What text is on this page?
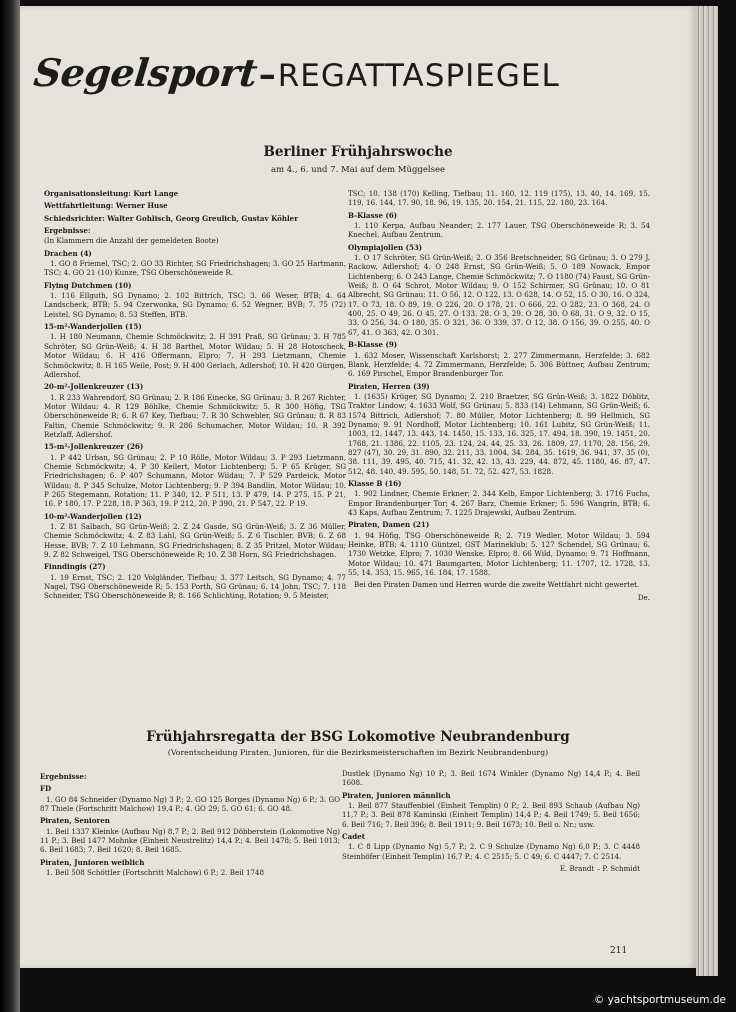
Segelsport–REGATTASPIEGEL
Berliner Frühjahrswoche
am 4., 6. und 7. Mai auf dem Müggelsee

Organisationsleitung: Kurt Lange

Wettfahrtleitung: Werner Huse

Schiedsrichter: Walter Gohlisch, Georg Greulich, Gustav Köhler

Ergebnisse:

(In Klammern die Anzahl der gemeldeten Boote)

Drachen (4)

1. GO 8 Friemel, TSC; 2. GO 33 Richter, SG Friedrichshagen; 3. GO 25 Hartmann, TSC; 4. GO 21 (10) Kunze, TSG Oberschöneweide R.

Flying Dutchmen (10)

1. 116 Ellguth, SG Dynamo; 2. 102 Bittrich, TSC; 3. 66 Weser, BTB; 4. 64 Landscheck, BTB; 5. 94 Czerwonka, SG Dynamo; 6. 52 Wegner, BVB; 7. 75 (72) Leistel, SG Dynamo; 8. 53 Steffen, BTB.

15-m²-Wanderjollen (15)

1. H 180 Neumann, Chemie Schmöckwitz; 2. H 391 Praß, SG Grünau; 3. H 785 Schröter, SG Grün-Weiß; 4. H 38 Barthel, Motor Wildau; 5. H 28 Hotoscheck, Motor Wildau; 6. H 416 Offermann, Elpro; 7. H 293 Lietzmann, Chemie Schmöckwitz; 8. H 165 Weile, Post; 9. H 400 Gerlach, Adlershof; 10. H 420 Gürgen, Adlershof.

20-m²-Jollenkreuzer (13)

1. R 233 Wahrendorf, SG Grünau; 2. R 186 Einecke, SG Grünau; 3. R 267 Richter, Motor Wildau; 4. R 129 Böhlke, Chemie Schmöckwitz; 5. R 300 Höfig, TSG Oberschöneweide R; 6. R 67 Key, Tiefbau; 7. R 30 Schwebler, SG Grünau; 8. R 83 Faltin, Chemie Schmöckwitz; 9. R 286 Schumacher, Motor Wildau; 10. R 392 Retzlaff, Adlershof.

15-m²-Jollenkreuzer (26)

1. P 442 Urban, SG Grünau; 2. P 10 Rölle, Motor Wildau; 3. P 293 Lietzmann, Chemie Schmöckwitz; 4. P 30 Keilert, Motor Lichtenberg; 5. P 65 Krüger, SG Friedrichshagen; 6. P 407 Schumann, Motor Wildau; 7. P 529 Pardeick, Motor Wildau; 8. P 345 Schulze, Motor Lichtenberg; 9. P 394 Bandlin, Motor Wildau; 10. P 265 Stegemann, Rotation; 11. P 340, 12. P 511, 13. P 479, 14. P 275, 15. P 21, 16. P 180, 17. P 228, 18. P 363, 19. P 212, 20. P 390, 21. P 547, 22. P 19.

10-m²-Wanderjollen (12)

1. Z 81 Salbach, SG Grün-Weiß; 2. Z 24 Gasde, SG Grün-Weiß; 3. Z 36 Müller, Chemie Schmöckwitz; 4. Z 83 Lahl, SG Grün-Weiß; 5. Z 6 Tischler, BVB; 6. Z 68 Hesse, BVB; 7. Z 10 Lehmann, SG Friedrichshagen; 8. Z 35 Pritzel, Motor Wildau; 9. Z 82 Schweigel, TSG Oberschöneweide R; 10. Z 38 Horn, SG Friedrichshagen.

Finndingis (27)

1. 19 Ernst, TSC; 2. 120 Volgländer, Tiefbau; 3. 377 Leitsch, SG Dynamo; 4. 77 Nagel, TSG Oberschöneweide R; 5. 153 Porth, SG Grünau; 6. 14 John, TSC; 7. 118 Schneider, TSG Oberschöneweide R; 8. 166 Schlichting, Rotation; 9. 5 Meister,

TSC; 10. 138 (170) Kelling, Tiefbau; 11. 160, 12. 119 (175), 13. 40, 14. 169, 15. 119, 16. 144, 17. 90, 18. 96, 19. 135, 20. 154, 21. 115, 22. 180, 23. 164.

B-Klasse (6)

1. 110 Kerpa, Aufbau Neander; 2. 177 Lauer, TSG Oberschöneweide R; 3. 54 Knechel, Aufbau Zentrum.

Olympiajollen (53)

1. O 17 Schröter, SG Grün-Weiß; 2. O 356 Bretschneider, SG Grünau; 3. O 279 J. Rackow, Adlershof; 4. O 248 Ernst, SG Grün-Weiß; 5. O 189 Nowack, Empor Lichtenberg; 6. O 243 Lange, Chemie Schmöckwitz; 7. O 1180 (74) Faust, SG Grün-Weiß; 8. O 64 Schrot, Motor Wildau; 9. O 152 Schirmer, SG Grünau; 10. O 81 Albrecht, SG Grünau; 11. O 56, 12. O 122, 13. O 628, 14. O 52, 15. O 30, 16. O 324, 17. O 73, 18. O 89, 19. O 226, 20. O 178, 21. O 666, 22. O 282, 23. O 368, 24. O 400, 25. O 49, 26. O 45, 27. O 133, 28. O 3, 29. O 28, 30. O 68, 31. O 9, 32. O 15, 33. O 256, 34. O 180, 35. O 321, 36. O 339, 37. O 12, 38. O 156, 39. O 255, 40. O 67, 41. O 363, 42. O 301.

B-Klasse (9)

1. 632 Moser, Wissenschaft Karlshorst; 2. 277 Zimmermann, Herzfelde; 3. 682 Blank, Herzfelde; 4. 72 Zimmermann, Herzfelde; 5. 306 Büttner, Aufbau Zentrum; 6. 169 Pirschel, Empor Brandenburger Tor.

Piraten, Herren (39)

1. (1635) Krüger, SG Dynamo; 2. 210 Braetzer, SG Grün-Weiß; 3. 1822 Döblitz, Traktor Lindow; 4. 1633 Wolf, SG Grünau; 5. 833 (14) Lehmann, SG Grün-Weiß; 6. 1574 Bittrich, Adlershof; 7. 80 Müller, Motor Lichtenberg; 8. 99 Hellmich, SG Dynamo; 9. 91 Nordhoff, Motor Lichtenberg; 10. 161 Lubitz, SG Grün-Weiß; 11. 1003, 12. 1447, 13. 443, 14. 1450, 15. 133, 16. 325, 17. 494, 18. 390, 19. 1451, 20. 1768, 21. 1386, 22. 1105, 23. 124, 24. 44, 25. 33, 26. 1809, 27. 1170, 28. 156, 29. 827 (47), 30. 29, 31. 890, 32. 211, 33. 1004, 34. 284, 35. 1619, 36. 941, 37. 35 (0), 38. 111, 39. 495, 40. 715, 41. 32, 42. 13, 43. 229, 44. 872, 45. 1180, 46. 87, 47. 512, 48. 140, 49. 595, 50. 148, 51. 72, 52. 427, 53. 1828.

Klasse B (16)

1. 902 Lindner, Chemie Erkner; 2. 344 Kelb, Empor Lichtenberg; 3. 1716 Fuchs, Empor Brandenburger Tor; 4. 267 Barz, Chemie Erkner; 5. 596 Wangrin, BTB; 6. 43 Kaps, Aufbau Zentrum; 7. 1225 Drajewski, Aufbau Zentrum.

Piraten, Damen (21)

1. 94 Höfig, TSG Oberschöneweide R; 2. 719 Wedler, Motor Wildau; 3. 594 Heinke, BTB; 4. 1110 Güntzel, GST Marineklub; 5. 127 Schendel, SG Grünau; 6. 1730 Wetzke, Elpro; 7. 1030 Wenske, Elpro; 8. 66 Wild, Dynamo; 9. 71 Hoffmann, Motor Wildau; 10. 471 Baumgarten, Motor Lichtenberg; 11. 1707, 12. 1728, 13. 55, 14. 353, 15. 965, 16. 184, 17. 1588.

Bei den Piraten Damen und Herren wurde die zweite Wettfahrt nicht gewertet.

De.

Frühjahrsregatta der BSG Lokomotive Neubrandenburg
(Vorentscheidung Piraten, Junioren, für die Bezirksmeisterschaften im Bezirk Neubrandenburg)

Ergebnisse:

FD

1. GO 84 Schneider (Dynamo Ng) 3 P.; 2. GO 125 Borges (Dynamo Ng) 6 P.; 3. GO 87 Thiele (Fortschritt Malchow) 19,4 P.; 4. GO 29; 5. GO 61; 6. GO 48.

Piraten, Senioren

1. Beil 1337 Kleinke (Aufbau Ng) 8,7 P.; 2. Beil 912 Döbberstein (Lokomotive Ng) 11 P.; 3. Beil 1477 Mohnke (Einheit Neustrelitz) 14,4 P.; 4. Beil 1478; 5. Beil 1013; 6. Beil 1683; 7. Beil 1620; 8. Beil 1685.

Piraten, Junioren weiblich

1. Beil 508 Schöttler (Fortschritt Malchow) 6 P.; 2. Beil 1748

Dustlek (Dynamo Ng) 10 P.; 3. Beil 1674 Winkler (Dynamo Ng) 14,4 P.; 4. Beil 1608.

Piraten, Junioren männlich

1. Beil 877 Stauffenbiel (Einheit Templin) 0 P.; 2. Beil 893 Schaub (Aufbau Ng) 11,7 P.; 3. Beil 878 Kaminski (Einheit Templin) 14,4 P.; 4. Beil 1749; 5. Beil 1656; 6. Beil 716; 7. Beil 396; 8. Beil 1911; 9. Beil 1673; 10. Beil o. Nr.; usw.

Cadet

1. C 8 Lipp (Dynamo Ng) 5,7 P.; 2. C 9 Schulze (Dynamo Ng) 6,0 P.; 3. C 4448 Steinhöfer (Einheit Templin) 16,7 P.; 4. C 2515; 5. C 49; 6. C 4447; 7. C 2514.

E. Brandt – P. Schmidt

211
© yachtsportmuseum.de
